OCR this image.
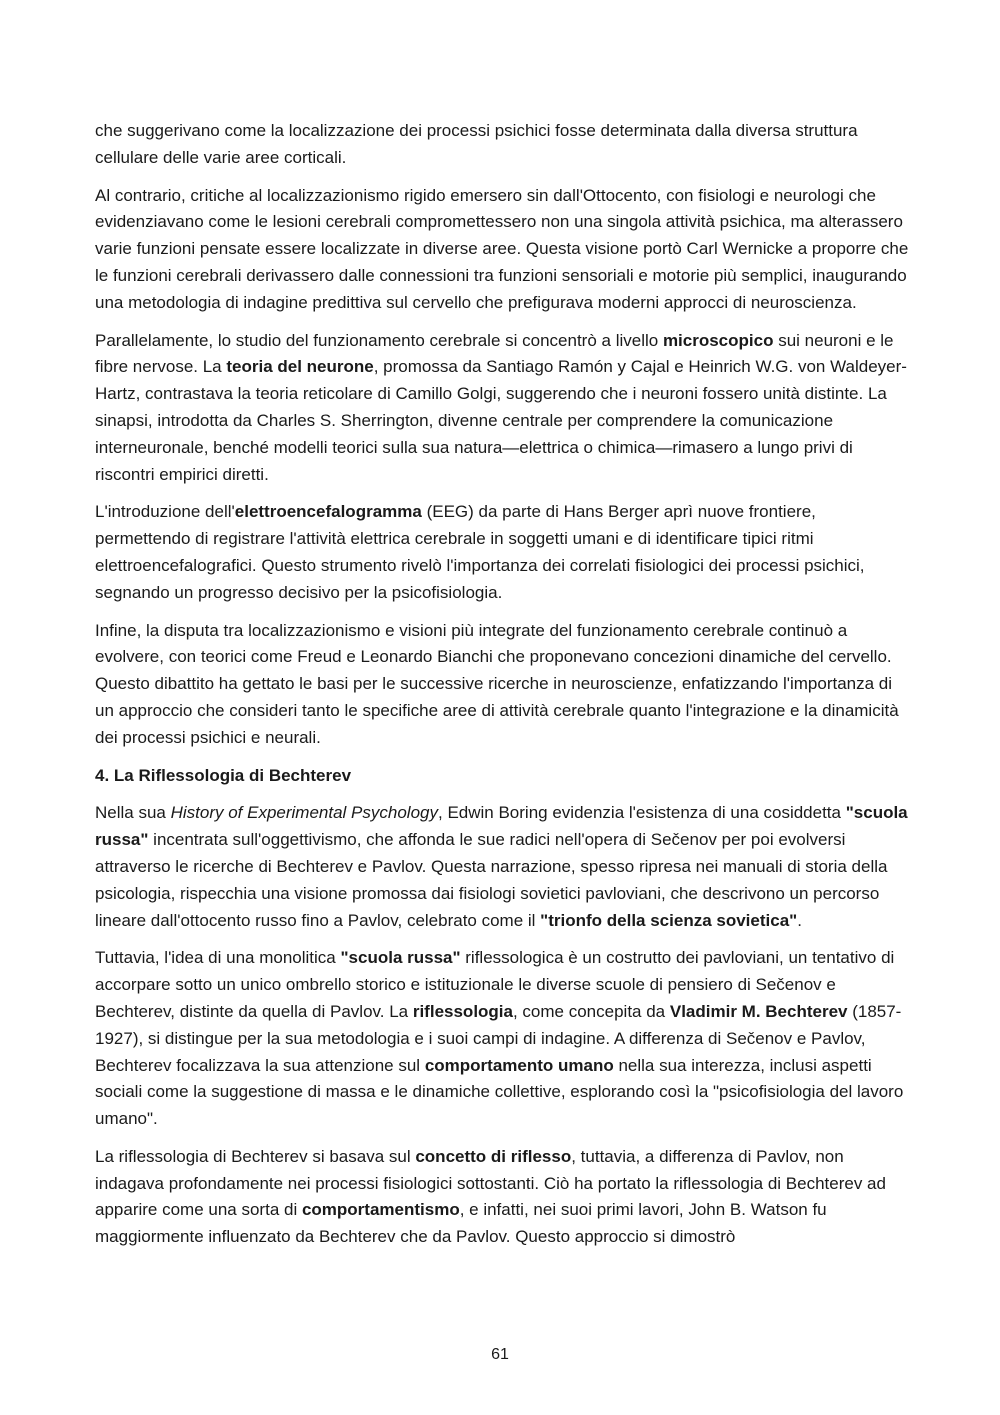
che suggerivano come la localizzazione dei processi psichici fosse determinata dalla diversa struttura cellulare delle varie aree corticali.

Al contrario, critiche al localizzazionismo rigido emersero sin dall'Ottocento, con fisiologi e neurologi che evidenziavano come le lesioni cerebrali compromettessero non una singola attività psichica, ma alterassero varie funzioni pensate essere localizzate in diverse aree. Questa visione portò Carl Wernicke a proporre che le funzioni cerebrali derivassero dalle connessioni tra funzioni sensoriali e motorie più semplici, inaugurando una metodologia di indagine predittiva sul cervello che prefigurava moderni approcci di neuroscienza.

Parallelamente, lo studio del funzionamento cerebrale si concentrò a livello microscopico sui neuroni e le fibre nervose. La teoria del neurone, promossa da Santiago Ramón y Cajal e Heinrich W.G. von Waldeyer-Hartz, contrastava la teoria reticolare di Camillo Golgi, suggerendo che i neuroni fossero unità distinte. La sinapsi, introdotta da Charles S. Sherrington, divenne centrale per comprendere la comunicazione interneuronale, benché modelli teorici sulla sua natura—elettrica o chimica—rimasero a lungo privi di riscontri empirici diretti.

L'introduzione dell'elettroencefalogramma (EEG) da parte di Hans Berger aprì nuove frontiere, permettendo di registrare l'attività elettrica cerebrale in soggetti umani e di identificare tipici ritmi elettroencefalografici. Questo strumento rivelò l'importanza dei correlati fisiologici dei processi psichici, segnando un progresso decisivo per la psicofisiologia.

Infine, la disputa tra localizzazionismo e visioni più integrate del funzionamento cerebrale continuò a evolvere, con teorici come Freud e Leonardo Bianchi che proponevano concezioni dinamiche del cervello. Questo dibattito ha gettato le basi per le successive ricerche in neuroscienze, enfatizzando l'importanza di un approccio che consideri tanto le specifiche aree di attività cerebrale quanto l'integrazione e la dinamicità dei processi psichici e neurali.

4. La Riflessologia di Bechterev

Nella sua History of Experimental Psychology, Edwin Boring evidenzia l'esistenza di una cosiddetta "scuola russa" incentrata sull'oggettivismo, che affonda le sue radici nell'opera di Sečenov per poi evolversi attraverso le ricerche di Bechterev e Pavlov. Questa narrazione, spesso ripresa nei manuali di storia della psicologia, rispecchia una visione promossa dai fisiologi sovietici pavloviani, che descrivono un percorso lineare dall'ottocento russo fino a Pavlov, celebrato come il "trionfo della scienza sovietica".

Tuttavia, l'idea di una monolitica "scuola russa" riflessologica è un costrutto dei pavloviani, un tentativo di accorpare sotto un unico ombrello storico e istituzionale le diverse scuole di pensiero di Sečenov e Bechterev, distinte da quella di Pavlov. La riflessologia, come concepita da Vladimir M. Bechterev (1857-1927), si distingue per la sua metodologia e i suoi campi di indagine. A differenza di Sečenov e Pavlov, Bechterev focalizzava la sua attenzione sul comportamento umano nella sua interezza, inclusi aspetti sociali come la suggestione di massa e le dinamiche collettive, esplorando così la "psicofisiologia del lavoro umano".

La riflessologia di Bechterev si basava sul concetto di riflesso, tuttavia, a differenza di Pavlov, non indagava profondamente nei processi fisiologici sottostanti. Ciò ha portato la riflessologia di Bechterev ad apparire come una sorta di comportamentismo, e infatti, nei suoi primi lavori, John B. Watson fu maggiormente influenzato da Bechterev che da Pavlov. Questo approccio si dimostrò

61
